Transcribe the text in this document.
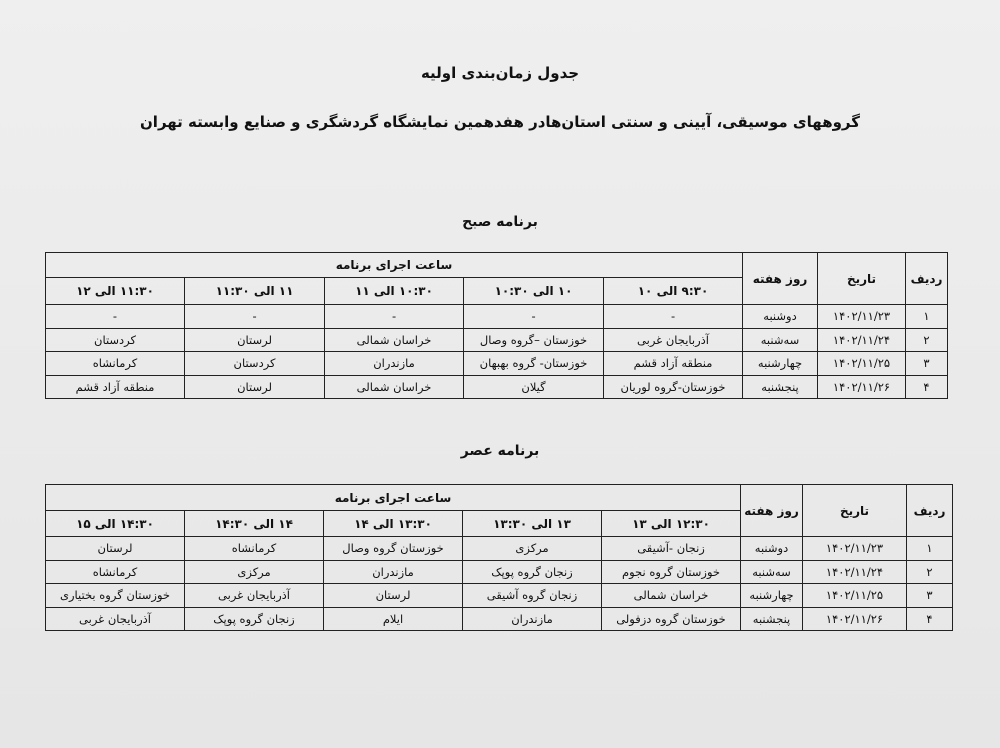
جدول زمان‌بندی اولیه
گروههای موسیقی، آیینی و سنتی استان‌هادر هفدهمین نمایشگاه گردشگری و صنایع وابسته تهران
برنامه صبح
ردیف	تاریخ	روز هفته	ساعت اجرای برنامه				
			۹:۳۰ الی ۱۰	۱۰ الی ۱۰:۳۰	۱۰:۳۰ الی ۱۱	۱۱ الی ۱۱:۳۰	۱۱:۳۰ الی ۱۲
۱	۱۴۰۲/۱۱/۲۳	دوشنبه	-	-	-	-	-
۲	۱۴۰۲/۱۱/۲۴	سه‌شنبه	آذربایجان غربی	خوزستان –گروه وصال	خراسان شمالی	لرستان	کردستان
۳	۱۴۰۲/۱۱/۲۵	چهارشنبه	منطقه آزاد قشم	خوزستان- گروه بهبهان	مازندران	کردستان	کرمانشاه
۴	۱۴۰۲/۱۱/۲۶	پنجشنبه	خوزستان-گروه لوریان	گیلان	خراسان شمالی	لرستان	منطقه آزاد قشم
برنامه عصر
ردیف	تاریخ	روز هفته	ساعت اجرای برنامه				
			۱۲:۳۰ الی ۱۳	۱۳ الی ۱۳:۳۰	۱۳:۳۰ الی ۱۴	۱۴ الی ۱۴:۳۰	۱۴:۳۰ الی ۱۵
۱	۱۴۰۲/۱۱/۲۳	دوشنبه	زنجان -آشیقی	مرکزی	خوزستان گروه وصال	کرمانشاه	لرستان
۲	۱۴۰۲/۱۱/۲۴	سه‌شنبه	خوزستان گروه نجوم	زنجان گروه پوپک	مازندران	مرکزی	کرمانشاه
۳	۱۴۰۲/۱۱/۲۵	چهارشنبه	خراسان شمالی	زنجان گروه آشیقی	لرستان	آذربایجان غربی	خوزستان گروه بختیاری
۴	۱۴۰۲/۱۱/۲۶	پنجشنبه	خوزستان گروه دزفولی	مازندران	ایلام	زنجان گروه پوپک	آذربایجان غربی
